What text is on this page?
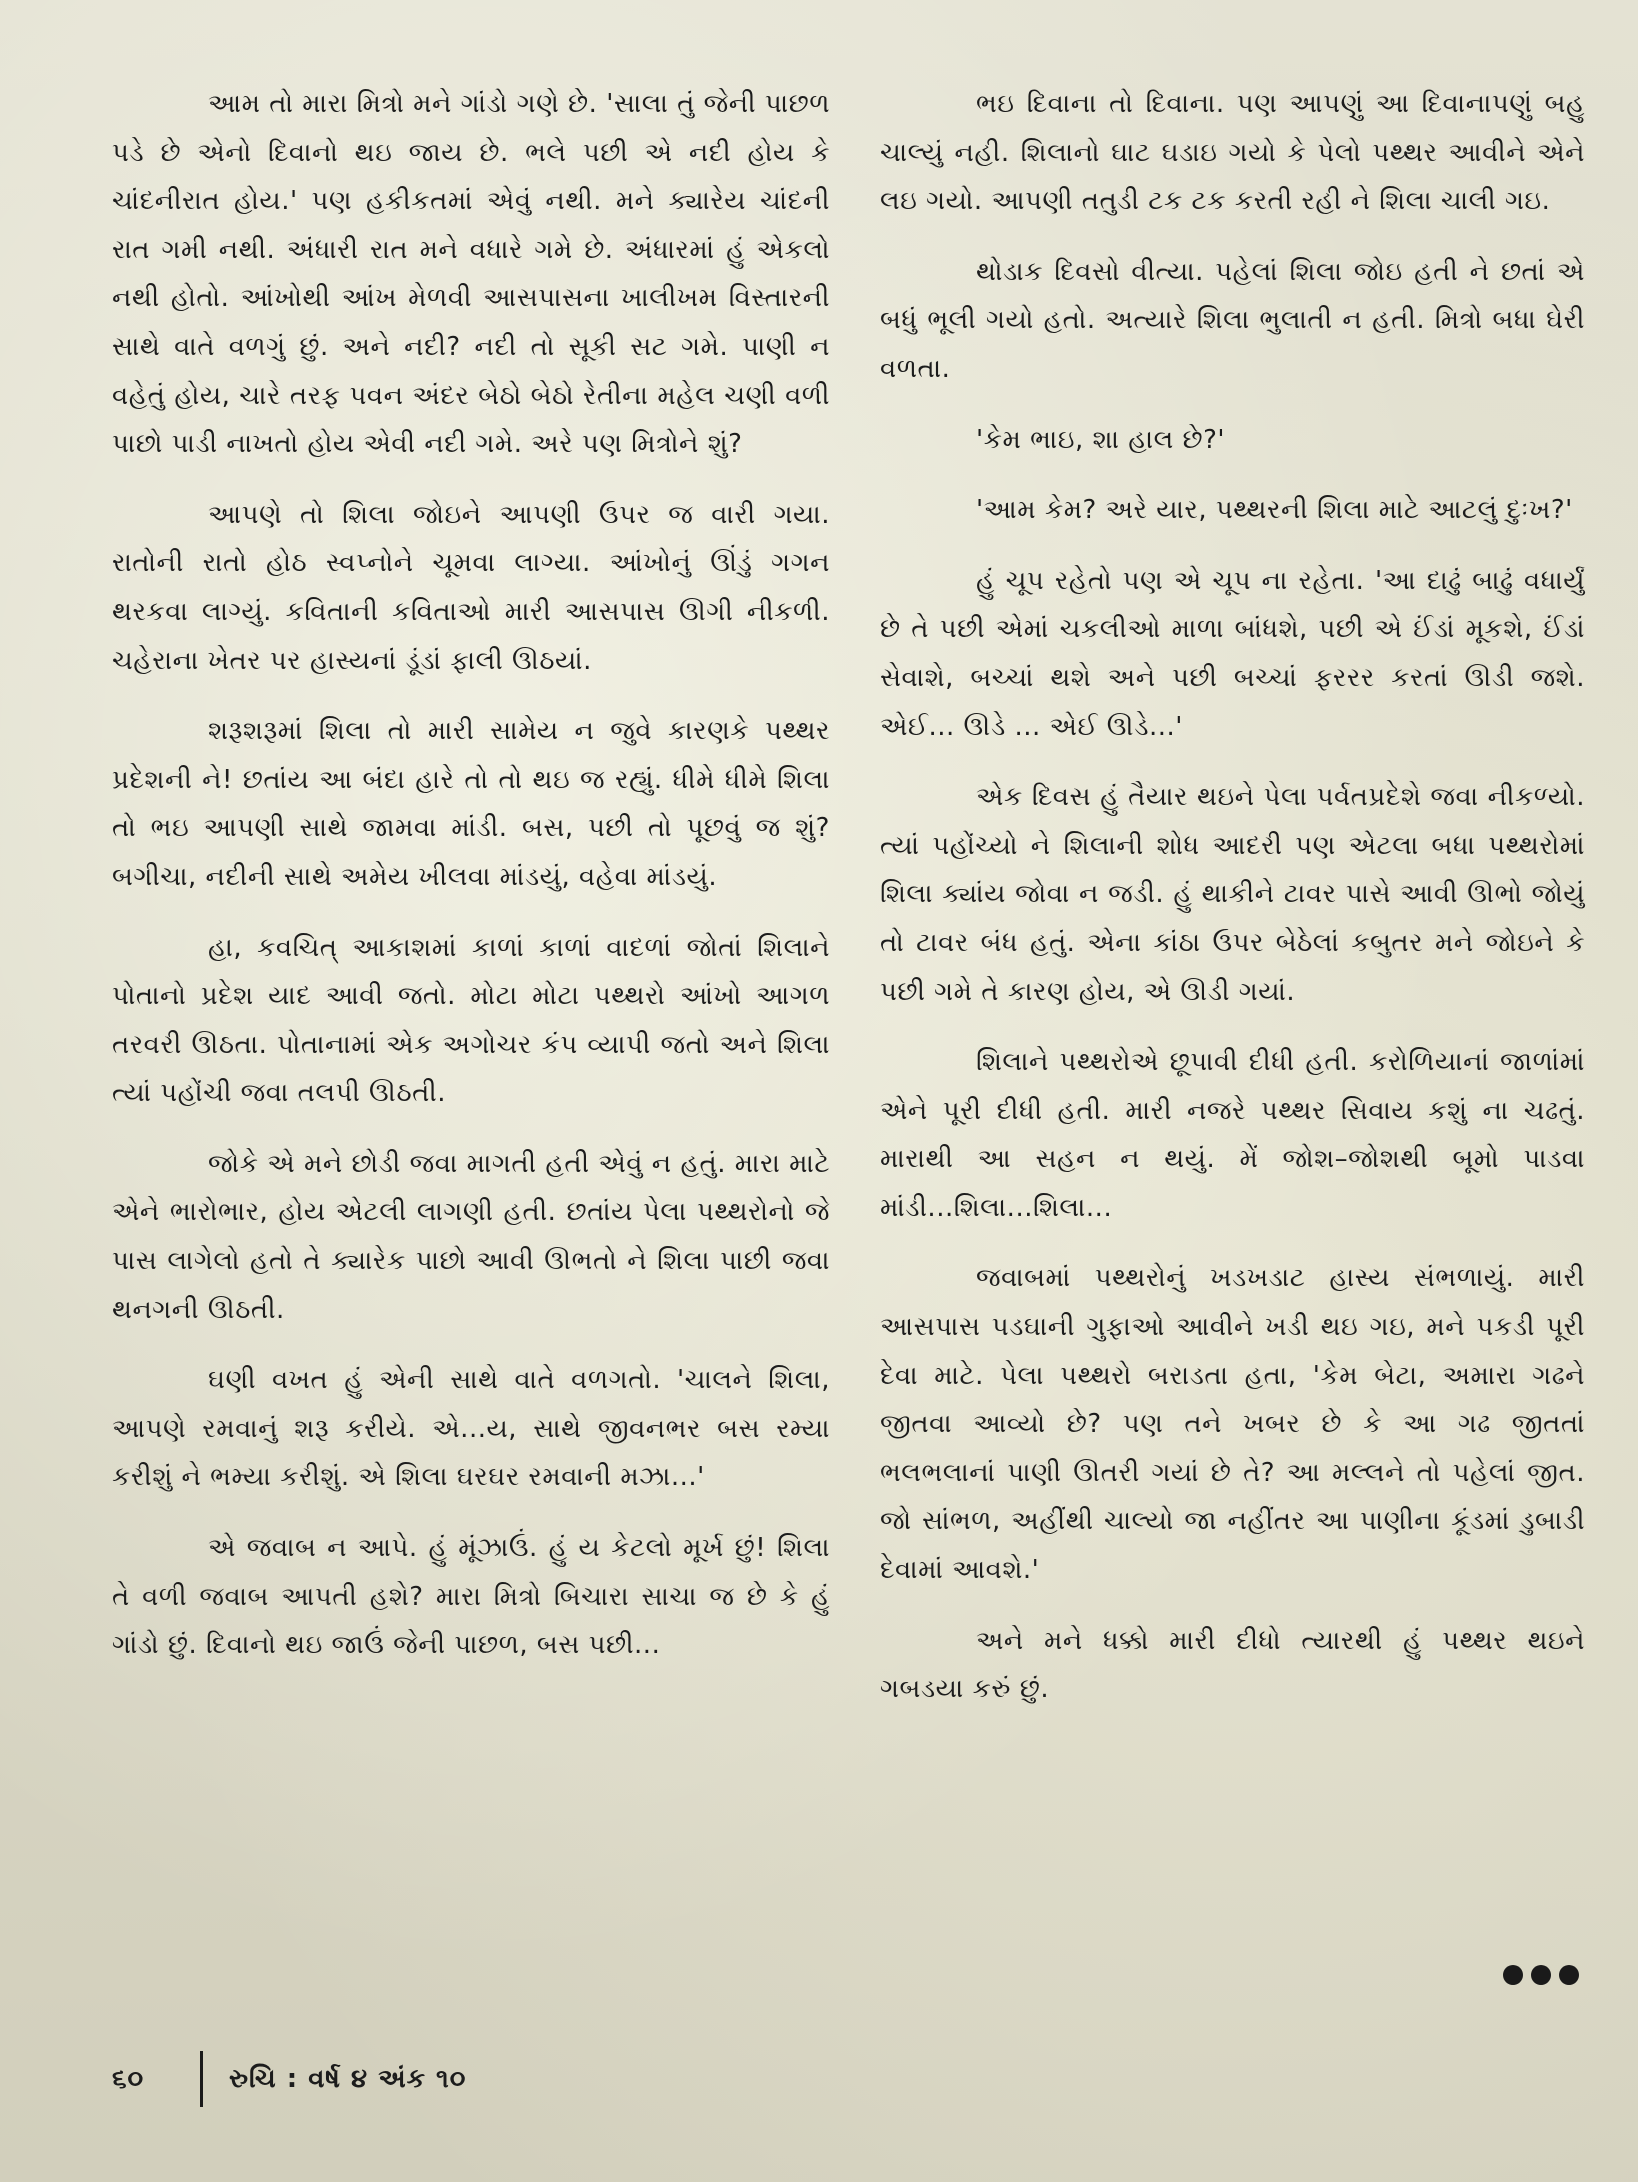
આમ તો મારા મિત્રો મને ગાંડો ગણે છે. 'સાલા તું જેની પાછળ પડે છે એનો દિવાનો થઇ જાય છે. ભલે પછી એ નદી હોય કે ચાંદનીરાત હોય.' પણ હકીકતમાં એવું નથી. મને ક્યારેય ચાંદની રાત ગમી નથી. અંધારી રાત મને વધારે ગમે છે. અંધારમાં હું એકલો નથી હોતો. આંખોથી આંખ મેળવી આસપાસના ખાલીખમ વિસ્તારની સાથે વાતે વળગું છું. અને નદી? નદી તો સૂકી સટ ગમે. પાણી ન વહેતું હોય, ચારે તરફ પવન અંદર બેઠો બેઠો રેતીના મહેલ ચણી વળી પાછો પાડી નાખતો હોય એવી નદી ગમે. અરે પણ મિત્રોને શું?

આપણે તો શિલા જોઇને આપણી ઉપર જ વારી ગયા. રાતોની રાતો હોઠ સ્વપ્નોને ચૂમવા લાગ્યા. આંખોનું ઊંડું ગગન થરકવા લાગ્યું. કવિતાની કવિતાઓ મારી આસપાસ ઊગી નીકળી. ચહેરાના ખેતર પર હાસ્યનાં ડૂંડાં ફાલી ઊઠયાં.

શરૂશરૂમાં શિલા તો મારી સામેય ન જુવે કારણકે પથ્થર પ્રદેશની ને! છતાંય આ બંદા હારે તો તો થઇ જ રહ્યું. ધીમે ધીમે શિલા તો ભઇ આપણી સાથે જામવા માંડી. બસ, પછી તો પૂછવું જ શું? બગીચા, નદીની સાથે અમેય ખીલવા માંડયું, વહેવા માંડયું.

હા, કવચિત્ આકાશમાં કાળાં કાળાં વાદળાં જોતાં શિલાને પોતાનો પ્રદેશ યાદ આવી જતો. મોટા મોટા પથ્થરો આંખો આગળ તરવરી ઊઠતા. પોતાનામાં એક અગોચર કંપ વ્યાપી જતો અને શિલા ત્યાં પહોંચી જવા તલપી ઊઠતી.

જોકે એ મને છોડી જવા માગતી હતી એવું ન હતું. મારા માટે એને ભારોભાર, હોય એટલી લાગણી હતી. છતાંય પેલા પથ્થરોનો જે પાસ લાગેલો હતો તે ક્યારેક પાછો આવી ઊભતો ને શિલા પાછી જવા થનગની ઊઠતી.

ઘણી વખત હું એની સાથે વાતે વળગતો. 'ચાલને શિલા, આપણે રમવાનું શરૂ કરીયે. એ...ય, સાથે જીવનભર બસ રમ્યા કરીશું ને ભમ્યા કરીશું. એ શિલા ઘરઘર રમવાની મઝા...'

એ જવાબ ન આપે. હું મૂંઝાઉં. હું ય કેટલો મૂર્ખ છું! શિલા તે વળી જવાબ આપતી હશે? મારા મિત્રો બિચારા સાચા જ છે કે હું ગાંડો છું. દિવાનો થઇ જાઉં જેની પાછળ, બસ પછી...

ભઇ દિવાના તો દિવાના. પણ આપણું આ દિવાનાપણું બહુ ચાલ્યું નહી. શિલાનો ઘાટ ઘડાઇ ગયો કે પેલો પથ્થર આવીને એને લઇ ગયો. આપણી તતુડી ટક ટક કરતી રહી ને શિલા ચાલી ગઇ.

થોડાક દિવસો વીત્યા. પહેલાં શિલા જોઇ હતી ને છતાં એ બધું ભૂલી ગયો હતો. અત્યારે શિલા ભુલાતી ન હતી. મિત્રો બધા ઘેરી વળતા.

'કેમ ભાઇ, શા હાલ છે?'

'આમ કેમ? અરે યાર, પથ્થરની શિલા માટે આટલું દુઃખ?'

હું ચૂપ રહેતો પણ એ ચૂપ ના રહેતા. 'આ દાઢું બાઢું વધાર્યું છે તે પછી એમાં ચકલીઓ માળા બાંધશે, પછી એ ઈંડાં મૂકશે, ઈંડાં સેવાશે, બચ્ચાં થશે અને પછી બચ્ચાં ફરરર કરતાં ઊડી જશે. એઈ... ઊડે ... એઈ ઊડે...'

એક દિવસ હું તૈયાર થઇને પેલા પર્વતપ્રદેશે જવા નીકળ્યો. ત્યાં પહોંચ્યો ને શિલાની શોધ આદરી પણ એટલા બધા પથ્થરોમાં શિલા ક્યાંય જોવા ન જડી. હું થાકીને ટાવર પાસે આવી ઊભો જોયું તો ટાવર બંધ હતું. એના કાંઠા ઉપર બેઠેલાં કબુતર મને જોઇને કે પછી ગમે તે કારણ હોય, એ ઊડી ગયાં.

શિલાને પથ્થરોએ છૂપાવી દીધી હતી. કરોળિયાનાં જાળાંમાં એને પૂરી દીધી હતી. મારી નજરે પથ્થર સિવાય કશું ના ચઢતું. મારાથી આ સહન ન થયું. મેં જોશ–જોશથી બૂમો પાડવા માંડી...શિલા...શિલા...

જવાબમાં પથ્થરોનું ખડખડાટ હાસ્ય સંભળાયું. મારી આસપાસ પડઘાની ગુફાઓ આવીને ખડી થઇ ગઇ, મને પકડી પૂરી દેવા માટે. પેલા પથ્થરો બરાડતા હતા, 'કેમ બેટા, અમારા ગઢને જીતવા આવ્યો છે? પણ તને ખબર છે કે આ ગઢ જીતતાં ભલભલાનાં પાણી ઊતરી ગયાં છે તે? આ મલ્લને તો પહેલાં જીત. જો સાંભળ, અહીંથી ચાલ્યો જા નહીંતર આ પાણીના કૂંડમાં ડુબાડી દેવામાં આવશે.'

અને મને ધક્કો મારી દીધો ત્યારથી હું પથ્થર થઇને ગબડયા કરું છું.

૬૦	રુચિ : વર્ષ ૪ અંક ૧૦
